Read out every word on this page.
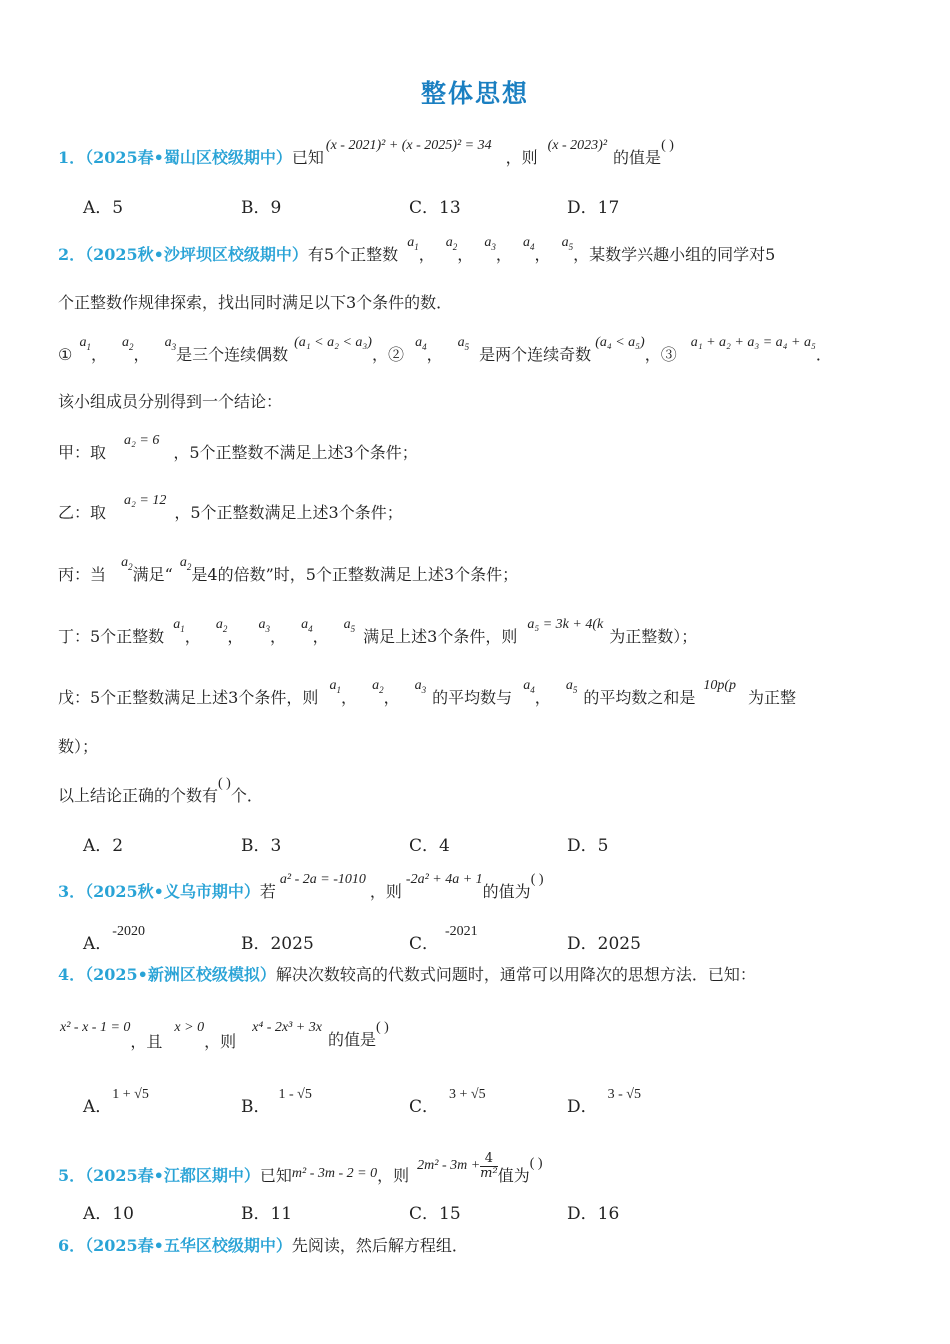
整体思想
1．（2025春•蜀山区校级期中）已知(x - 2021)² + (x - 2025)² = 34，则(x - 2023)²的值是( )
A．5	B．9	C．13	D．17
2．（2025秋•沙坪坝区校级期中）有5个正整数 $a_1$， $a_2$， $a_3$， $a_4$， $a_5$，某数学兴趣小组的同学对5
个正整数作规律探索，找出同时满足以下3个条件的数．
① $a_1$， $a_2$， $a_3$是三个连续偶数(a₁ < a₂ < a₃)，② $a_4$， $a_5$ 是两个连续奇数(a₄ < a₅)，③a₁ + a₂ + a₃ = a₄ + a₅．
该小组成员分别得到一个结论：
甲：取a₂ = 6，5个正整数不满足上述3个条件；
乙：取a₂ = 12，5个正整数满足上述3个条件；
丙：当 $a_2$满足“ $a_2$是4的倍数”时，5个正整数满足上述3个条件；
丁：5个正整数 $a_1$， $a_2$， $a_3$， $a_4$， $a_5$ 满足上述3个条件，则a₅ = 3k + 4(k为正整数）；
戊：5个正整数满足上述3个条件，则 $a_1$， $a_2$， $a_3$ 的平均数与 $a_4$， $a_5$ 的平均数之和是10p(p为正整
数）；
以上结论正确的个数有( )个．
A．2	B．3	C．4	D．5
3．（2025秋•义乌市期中）若a² - 2a = -1010，则-2a² + 4a + 1的值为( )
A．$^{-2020}$
B．2025	C．$^{-2021}$
D．2025
4．（2025•新洲区校级模拟）解决次数较高的代数式问题时，通常可以用降次的思想方法．已知：
x² - x - 1 = 0，且x > 0，则x⁴ - 2x³ + 3x的值是( )
A．$^{1 + √5}$
B．$^{1 - √5}$
C．$^{3 + √5}$
D．$^{3 - √5}$
5．（2025春•江都区期中）已知m² - 3m - 2 = 0，则$2m^2 - 3m + \frac{4}{\text{m²}}$ 值为( )
A．10	B．11	C．15	D．16
6．（2025春•五华区校级期中）先阅读，然后解方程组．
